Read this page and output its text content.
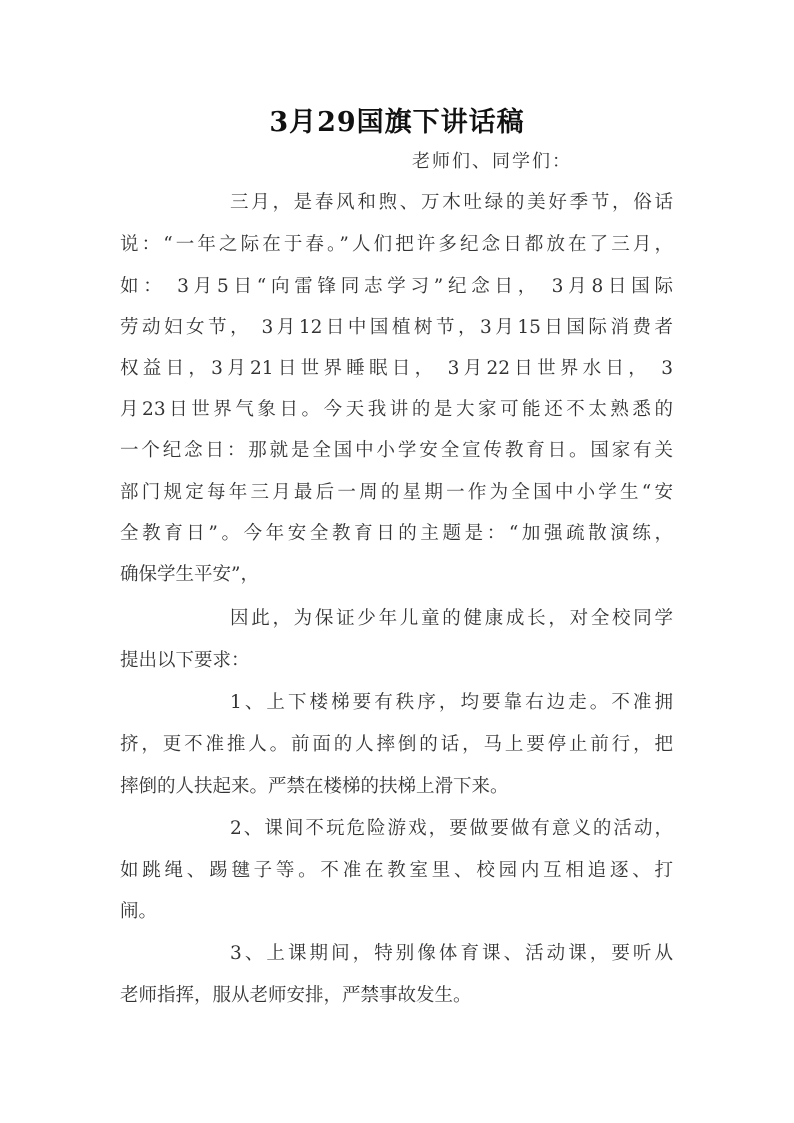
3月29国旗下讲话稿
老师们、同学们：
三月，是春风和煦、万木吐绿的美好季节，俗话
说：“一年之际在于春。”人们把许多纪念日都放在了三月，
如： 3月5日“向雷锋同志学习”纪念日， 3月8日国际
劳动妇女节， 3月12日中国植树节，3月15日国际消费者
权益日，3月21日世界睡眠日， 3月22日世界水日， 3
月23日世界气象日。今天我讲的是大家可能还不太熟悉的
一个纪念日：那就是全国中小学安全宣传教育日。国家有关
部门规定每年三月最后一周的星期一作为全国中小学生“安
全教育日”。今年安全教育日的主题是：“加强疏散演练，
确保学生平安”，
因此，为保证少年儿童的健康成长，对全校同学
提出以下要求：
1、上下楼梯要有秩序，均要靠右边走。不准拥
挤，更不准推人。前面的人摔倒的话，马上要停止前行，把
摔倒的人扶起来。严禁在楼梯的扶梯上滑下来。
2、课间不玩危险游戏，要做要做有意义的活动，
如跳绳、踢毽子等。不准在教室里、校园内互相追逐、打
闹。
3、上课期间，特别像体育课、活动课，要听从
老师指挥，服从老师安排，严禁事故发生。
